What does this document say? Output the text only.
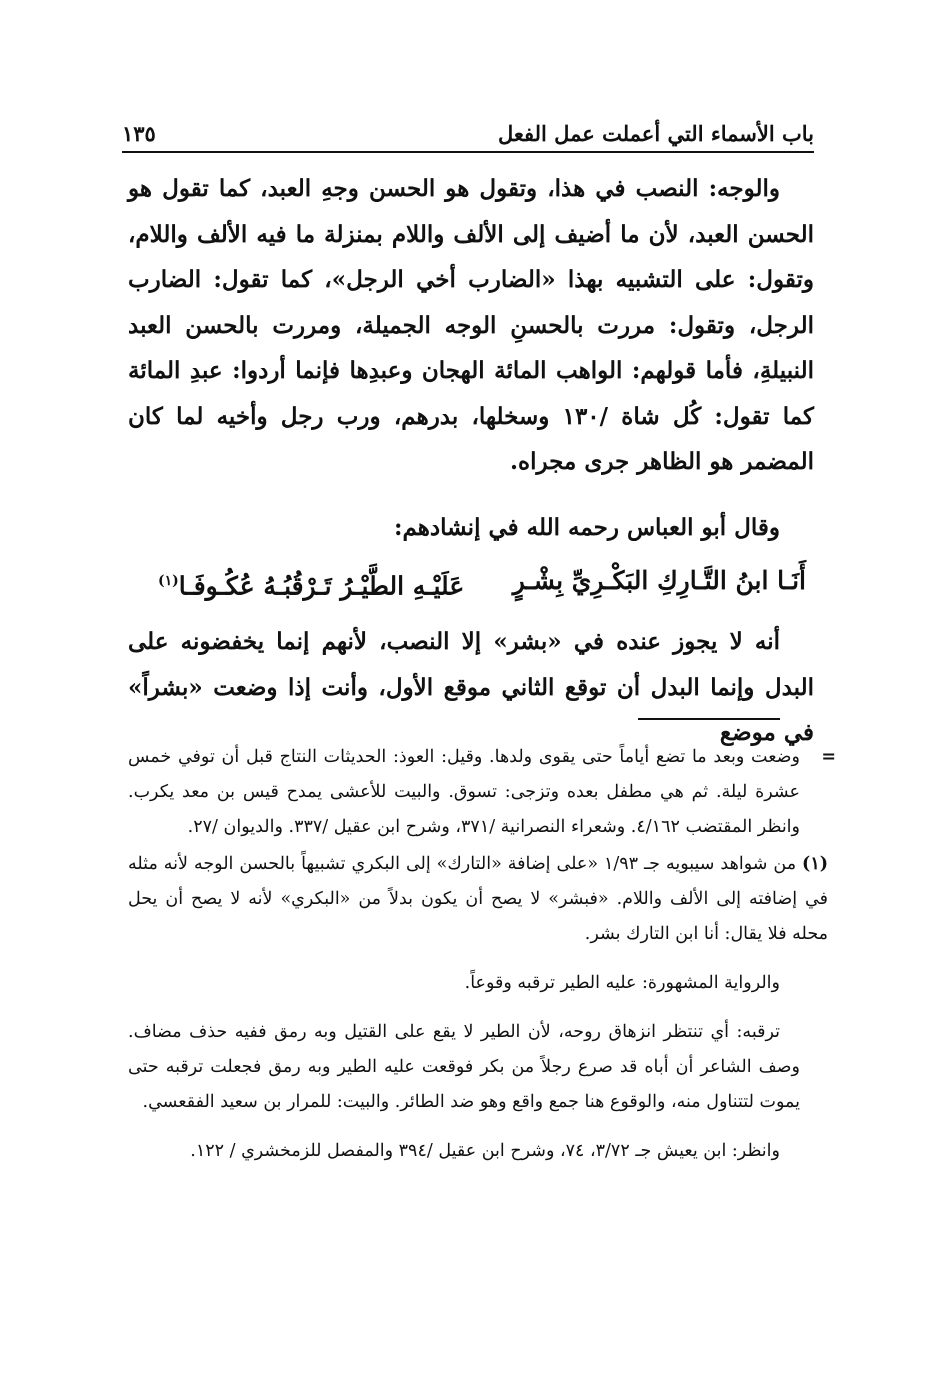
باب الأسماء التي أعملت عمل الفعل
١٣٥

والوجه: النصب في هذا، وتقول هو الحسن وجهِ العبد، كما تقول هو الحسن العبد، لأن ما أضيف إلى الألف واللام بمنزلة ما فيه الألف واللام، وتقول: على التشبيه بهذا «الضارب أخي الرجل»، كما تقول: الضارب الرجل، وتقول: مررت بالحسنِ الوجه الجميلة، ومررت بالحسن العبد النبيلةِ، فأما قولهم: الواهب المائة الهجان وعبدِها فإنما أردوا: عبدِ المائة كما تقول: كُل شاة /١٣٠ وسخلها، بدرهم، ورب رجل وأخيه لما كان المضمر هو الظاهر جرى مجراه.

وقال أبو العباس رحمه الله في إنشادهم:

أَنَـا ابنُ التَّـارِكِ البَكْـرِيِّ بِشْـرٍ
عَلَيْـهِ الطَّيْـرُ تَـرْقُبُـهُ عُكُـوفَـا$^{(١)}$

أنه لا يجوز عنده في «بشر» إلا النصب، لأنهم إنما يخفضونه على البدل وإنما البدل أن توقع الثاني موقع الأول، وأنت إذا وضعت «بشراً» في موضع

=
وضعت وبعد ما تضع أياماً حتى يقوى ولدها. وقيل: العوذ: الحديثات النتاج قبل أن توفي خمس عشرة ليلة. ثم هي مطفل بعده وتزجى: تسوق. والبيت للأعشى يمدح قيس بن معد يكرب. وانظر المقتضب ٤/١٦٢. وشعراء النصرانية /٣٧١، وشرح ابن عقيل /٣٣٧. والديوان /٢٧.

(١) من شواهد سيبويه جـ ١/٩٣ «على إضافة «التارك» إلى البكري تشبيهاً بالحسن الوجه لأنه مثله في إضافته إلى الألف واللام. «فبشر» لا يصح أن يكون بدلاً من «البكري» لأنه لا يصح أن يحل محله فلا يقال: أنا ابن التارك بشر.

والرواية المشهورة: عليه الطير ترقبه وقوعاً.

ترقبه: أي تنتظر انزهاق روحه، لأن الطير لا يقع على القتيل وبه رمق ففيه حذف مضاف. وصف الشاعر أن أباه قد صرع رجلاً من بكر فوقعت عليه الطير وبه رمق فجعلت ترقبه حتى يموت لتتناول منه، والوقوع هنا جمع واقع وهو ضد الطائر. والبيت: للمرار بن سعيد الفقعسي.

وانظر: ابن يعيش جـ ٣/٧٢، ٧٤، وشرح ابن عقيل /٣٩٤ والمفصل للزمخشري / ١٢٢.
